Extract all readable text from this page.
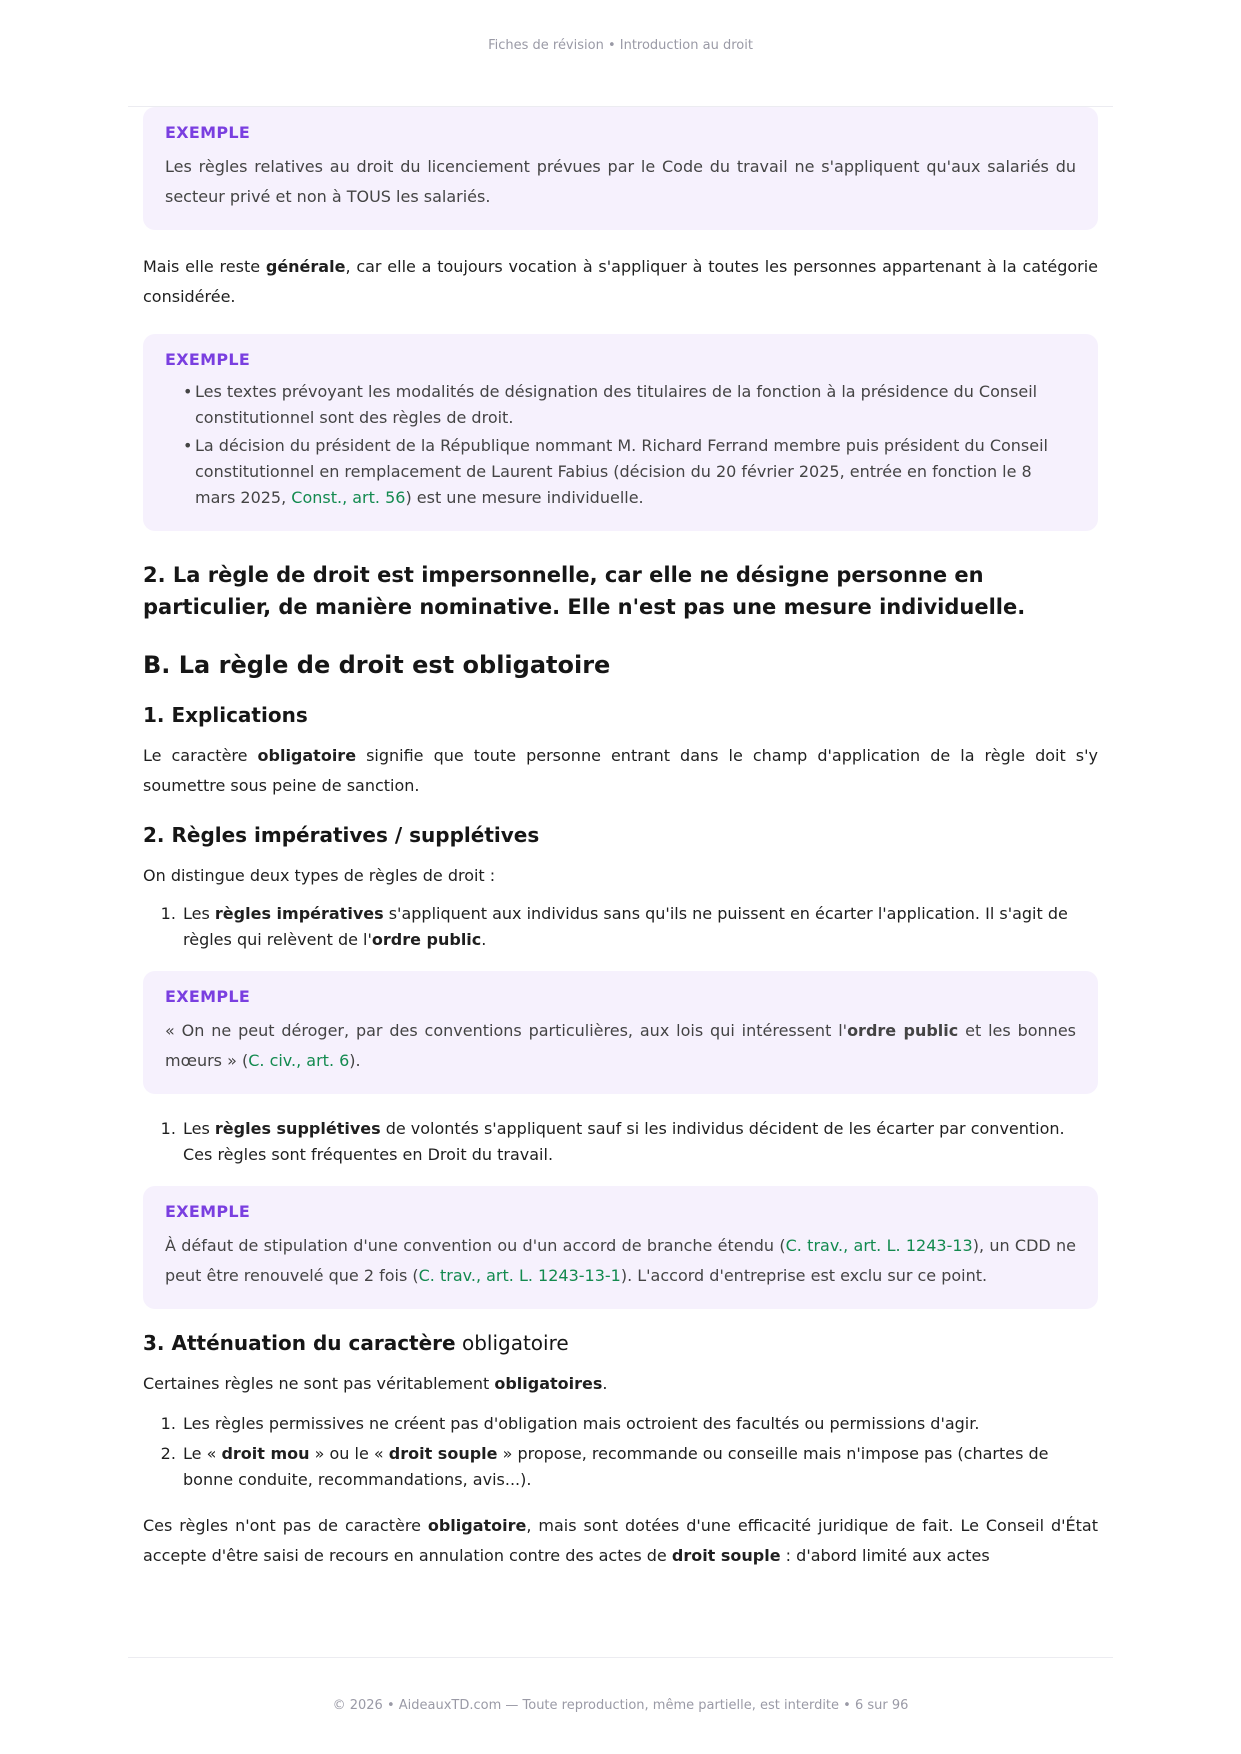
Fiches de révision • Introduction au droit
EXEMPLE
Les règles relatives au droit du licenciement prévues par le Code du travail ne s'appliquent qu'aux salariés du secteur privé et non à TOUS les salariés.

Mais elle reste générale, car elle a toujours vocation à s'appliquer à toutes les personnes appartenant à la catégorie considérée.

EXEMPLE
• Les textes prévoyant les modalités de désignation des titulaires de la fonction à la présidence du Conseil constitutionnel sont des règles de droit.
• La décision du président de la République nommant M. Richard Ferrand membre puis président du Conseil constitutionnel en remplacement de Laurent Fabius (décision du 20 février 2025, entrée en fonction le 8 mars 2025, Const., art. 56) est une mesure individuelle.
2. La règle de droit est impersonnelle, car elle ne désigne personne en particulier, de manière nominative. Elle n'est pas une mesure individuelle.
B. La règle de droit est obligatoire
1. Explications

Le caractère obligatoire signifie que toute personne entrant dans le champ d'application de la règle doit s'y soumettre sous peine de sanction.

2. Règles impératives / supplétives

On distingue deux types de règles de droit :

1. Les règles impératives s'appliquent aux individus sans qu'ils ne puissent en écarter l'application. Il s'agit de règles qui relèvent de l'ordre public.
EXEMPLE
« On ne peut déroger, par des conventions particulières, aux lois qui intéressent l'ordre public et les bonnes mœurs » (C. civ., art. 6).
1. Les règles supplétives de volontés s'appliquent sauf si les individus décident de les écarter par convention. Ces règles sont fréquentes en Droit du travail.
EXEMPLE
À défaut de stipulation d'une convention ou d'un accord de branche étendu (C. trav., art. L. 1243-13), un CDD ne peut être renouvelé que 2 fois (C. trav., art. L. 1243-13-1). L'accord d'entreprise est exclu sur ce point.
3. Atténuation du caractère obligatoire

Certaines règles ne sont pas véritablement obligatoires.

1. Les règles permissives ne créent pas d'obligation mais octroient des facultés ou permissions d'agir.
2. Le « droit mou » ou le « droit souple » propose, recommande ou conseille mais n'impose pas (chartes de bonne conduite, recommandations, avis...).

Ces règles n'ont pas de caractère obligatoire, mais sont dotées d'une efficacité juridique de fait. Le Conseil d'État accepte d'être saisi de recours en annulation contre des actes de droit souple : d'abord limité aux actes

© 2026 • AideauxTD.com — Toute reproduction, même partielle, est interdite • 6 sur 96
